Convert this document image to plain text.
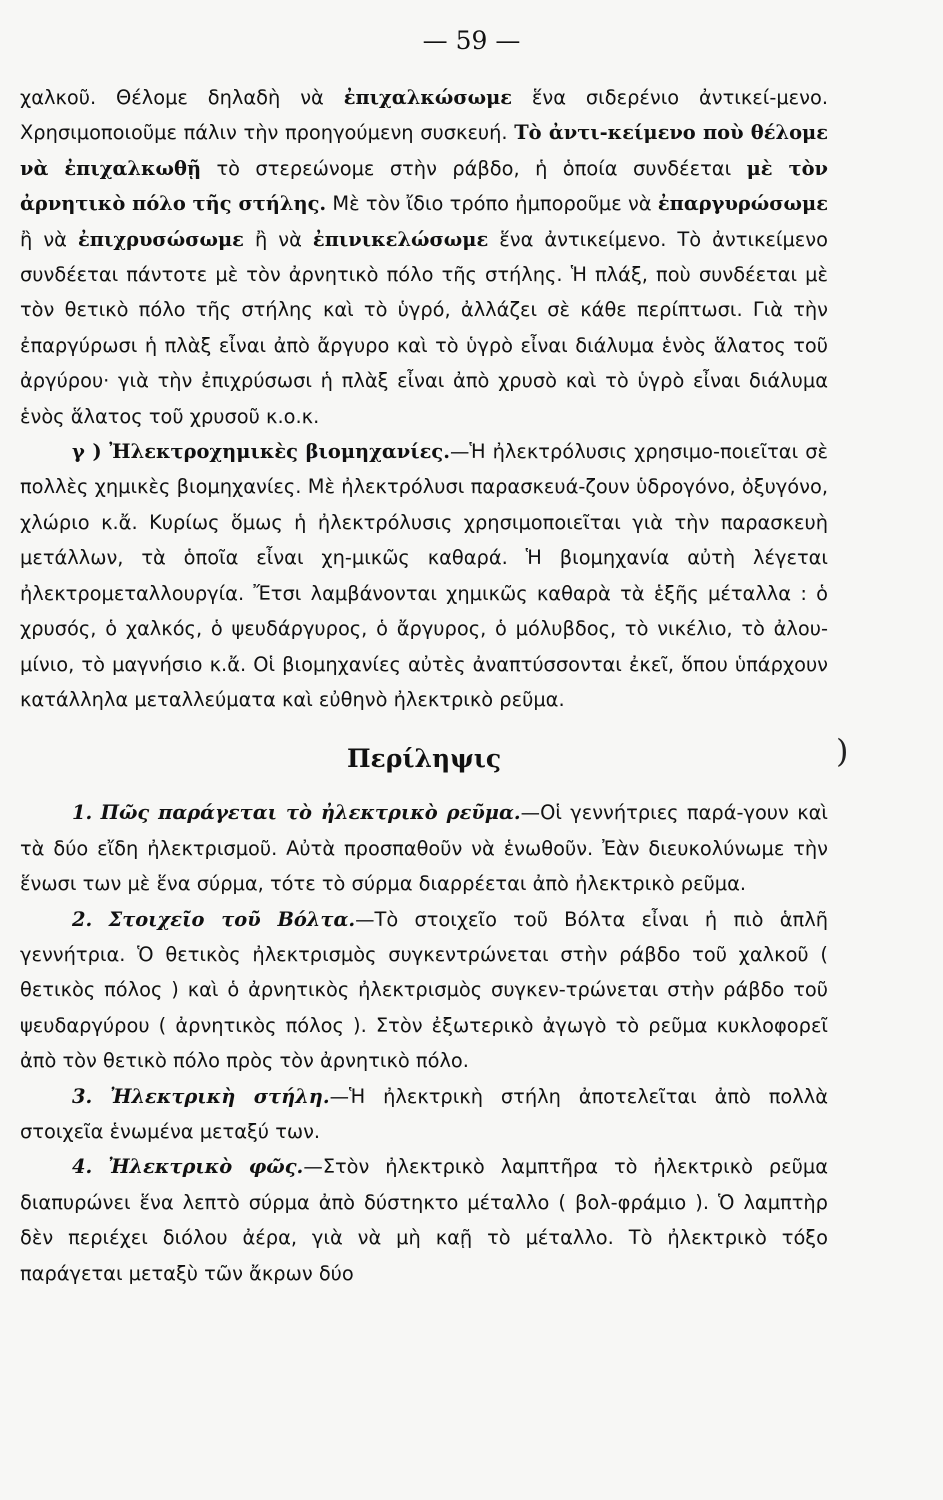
— 59 —

χαλκοῦ. Θέλομε δηλαδὴ νὰ ἐπιχαλκώσωμε ἕνα σιδερένιο ἀντικεί-μενο. Χρησιμοποιοῦμε πάλιν τὴν προηγούμενη συσκευή. Τὸ ἀντι-κείμενο ποὺ θέλομε νὰ ἐπιχαλκωθῇ τὸ στερεώνομε στὴν ράβδο, ἡ ὁποία συνδέεται μὲ τὸν ἀρνητικὸ πόλο τῆς στήλης. Μὲ τὸν ἴδιο τρόπο ἠμποροῦμε νὰ ἐπαργυρώσωμε ἢ νὰ ἐπιχρυσώσωμε ἢ νὰ ἐπινικελώσωμε ἕνα ἀντικείμενο. Τὸ ἀντικείμενο συνδέεται πάντοτε μὲ τὸν ἀρνητικὸ πόλο τῆς στήλης. Ἡ πλάξ, ποὺ συνδέεται μὲ τὸν θετικὸ πόλο τῆς στήλης καὶ τὸ ὑγρό, ἀλλάζει σὲ κάθε περίπτωσι. Γιὰ τὴν ἐπαργύρωσι ἡ πλὰξ εἶναι ἀπὸ ἄργυρο καὶ τὸ ὑγρὸ εἶναι διάλυμα ἑνὸς ἅλατος τοῦ ἀργύρου· γιὰ τὴν ἐπιχρύσωσι ἡ πλὰξ εἶναι ἀπὸ χρυσὸ καὶ τὸ ὑγρὸ εἶναι διάλυμα ἑνὸς ἅλατος τοῦ χρυσοῦ κ.ο.κ.

γ ) Ἠλεκτροχημικὲς βιομηχανίες.—Ἡ ἠλεκτρόλυσις χρησιμο-ποιεῖται σὲ πολλὲς χημικὲς βιομηχανίες. Μὲ ἠλεκτρόλυσι παρασκευά-ζουν ὑδρογόνο, ὀξυγόνο, χλώριο κ.ἄ. Κυρίως ὅμως ἡ ἠλεκτρόλυσις χρησιμοποιεῖται γιὰ τὴν παρασκευὴ μετάλλων, τὰ ὁποῖα εἶναι χη-μικῶς καθαρά. Ἡ βιομηχανία αὐτὴ λέγεται ἠλεκτρομεταλλουργία. Ἔτσι λαμβάνονται χημικῶς καθαρὰ τὰ ἑξῆς μέταλλα : ὁ χρυσός, ὁ χαλκός, ὁ ψευδάργυρος, ὁ ἄργυρος, ὁ μόλυβδος, τὸ νικέλιο, τὸ ἀλου-μίνιο, τὸ μαγνήσιο κ.ἄ. Οἱ βιομηχανίες αὐτὲς ἀναπτύσσονται ἐκεῖ, ὅπου ὑπάρχουν κατάλληλα μεταλλεύματα καὶ εὐθηνὸ ἠλεκτρικὸ ρεῦμα.

Περίληψις

1. Πῶς παράγεται τὸ ἠλεκτρικὸ ρεῦμα.—Οἱ γεννήτριες παρά-γουν καὶ τὰ δύο εἴδη ἠλεκτρισμοῦ. Αὐτὰ προσπαθοῦν νὰ ἑνωθοῦν. Ἐὰν διευκολύνωμε τὴν ἕνωσι των μὲ ἕνα σύρμα, τότε τὸ σύρμα διαρρέεται ἀπὸ ἠλεκτρικὸ ρεῦμα.

2. Στοιχεῖο τοῦ Βόλτα.—Τὸ στοιχεῖο τοῦ Βόλτα εἶναι ἡ πιὸ ἁπλῆ γεννήτρια. Ὁ θετικὸς ἠλεκτρισμὸς συγκεντρώνεται στὴν ράβδο τοῦ χαλκοῦ ( θετικὸς πόλος ) καὶ ὁ ἀρνητικὸς ἠλεκτρισμὸς συγκεν-τρώνεται στὴν ράβδο τοῦ ψευδαργύρου ( ἀρνητικὸς πόλος ). Στὸν ἐξωτερικὸ ἀγωγὸ τὸ ρεῦμα κυκλοφορεῖ ἀπὸ τὸν θετικὸ πόλο πρὸς τὸν ἀρνητικὸ πόλο.

3. Ἠλεκτρικὴ στήλη.—Ἡ ἠλεκτρικὴ στήλη ἀποτελεῖται ἀπὸ πολλὰ στοιχεῖα ἑνωμένα μεταξύ των.

4. Ἠλεκτρικὸ φῶς.—Στὸν ἠλεκτρικὸ λαμπτῆρα τὸ ἠλεκτρικὸ ρεῦμα διαπυρώνει ἕνα λεπτὸ σύρμα ἀπὸ δύστηκτο μέταλλο ( βολ-φράμιο ). Ὁ λαμπτὴρ δὲν περιέχει διόλου ἀέρα, γιὰ νὰ μὴ καῇ τὸ μέταλλο. Τὸ ἠλεκτρικὸ τόξο παράγεται μεταξὺ τῶν ἄκρων δύο

)
